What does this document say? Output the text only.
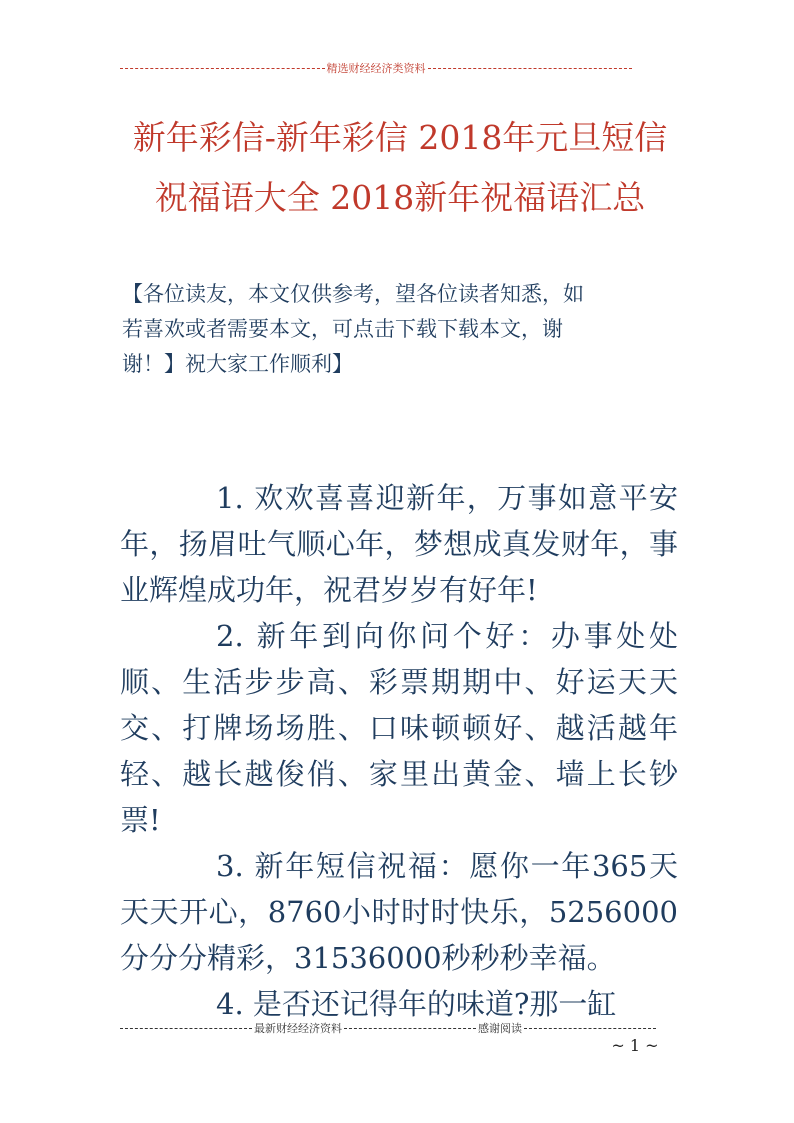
精选财经经济类资料
新年彩信-新年彩信 2018年元旦短信
祝福语大全 2018新年祝福语汇总

【各位读友，本文仅供参考，望各位读者知悉，如若喜欢或者需要本文，可点击下载下载本文，谢谢！】祝大家工作顺利】

1. 欢欢喜喜迎新年，万事如意平安年，扬眉吐气顺心年，梦想成真发财年，事业辉煌成功年，祝君岁岁有好年!

2. 新年到向你问个好：办事处处顺、生活步步高、彩票期期中、好运天天交、打牌场场胜、口味顿顿好、越活越年轻、越长越俊俏、家里出黄金、墙上长钞票!

3. 新年短信祝福：愿你一年365天天天开心，8760小时时时快乐，5256000分分分精彩，31536000秒秒秒幸福。

4. 是否还记得年的味道?那一缸

最新财经经济资料	感谢阅读
~ 1 ~
